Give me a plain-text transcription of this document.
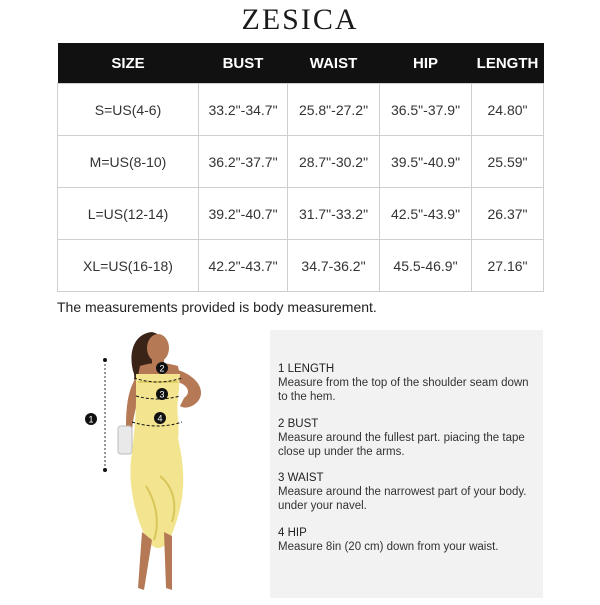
ZESICA
SIZE	BUST	WAIST	HIP	LENGTH
S=US(4-6)	33.2"-34.7"	25.8"-27.2"	36.5"-37.9"	24.80"
M=US(8-10)	36.2"-37.7"	28.7"-30.2"	39.5"-40.9"	25.59"
L=US(12-14)	39.2"-40.7"	31.7"-33.2"	42.5"-43.9"	26.37"
XL=US(16-18)	42.2"-43.7"	34.7-36.2"	45.5-46.9"	27.16"
The measurements provided is body measurement.
1
2
3
4
1 LENGTH
Measure from the top of the shoulder seam down to the hem.
2 BUST
Measure around the fullest part. piacing the tape close up under the arms.
3 WAIST
Measure around the narrowest part of your body. under your navel.
4 HIP
Measure 8in (20 cm) down from your waist.
